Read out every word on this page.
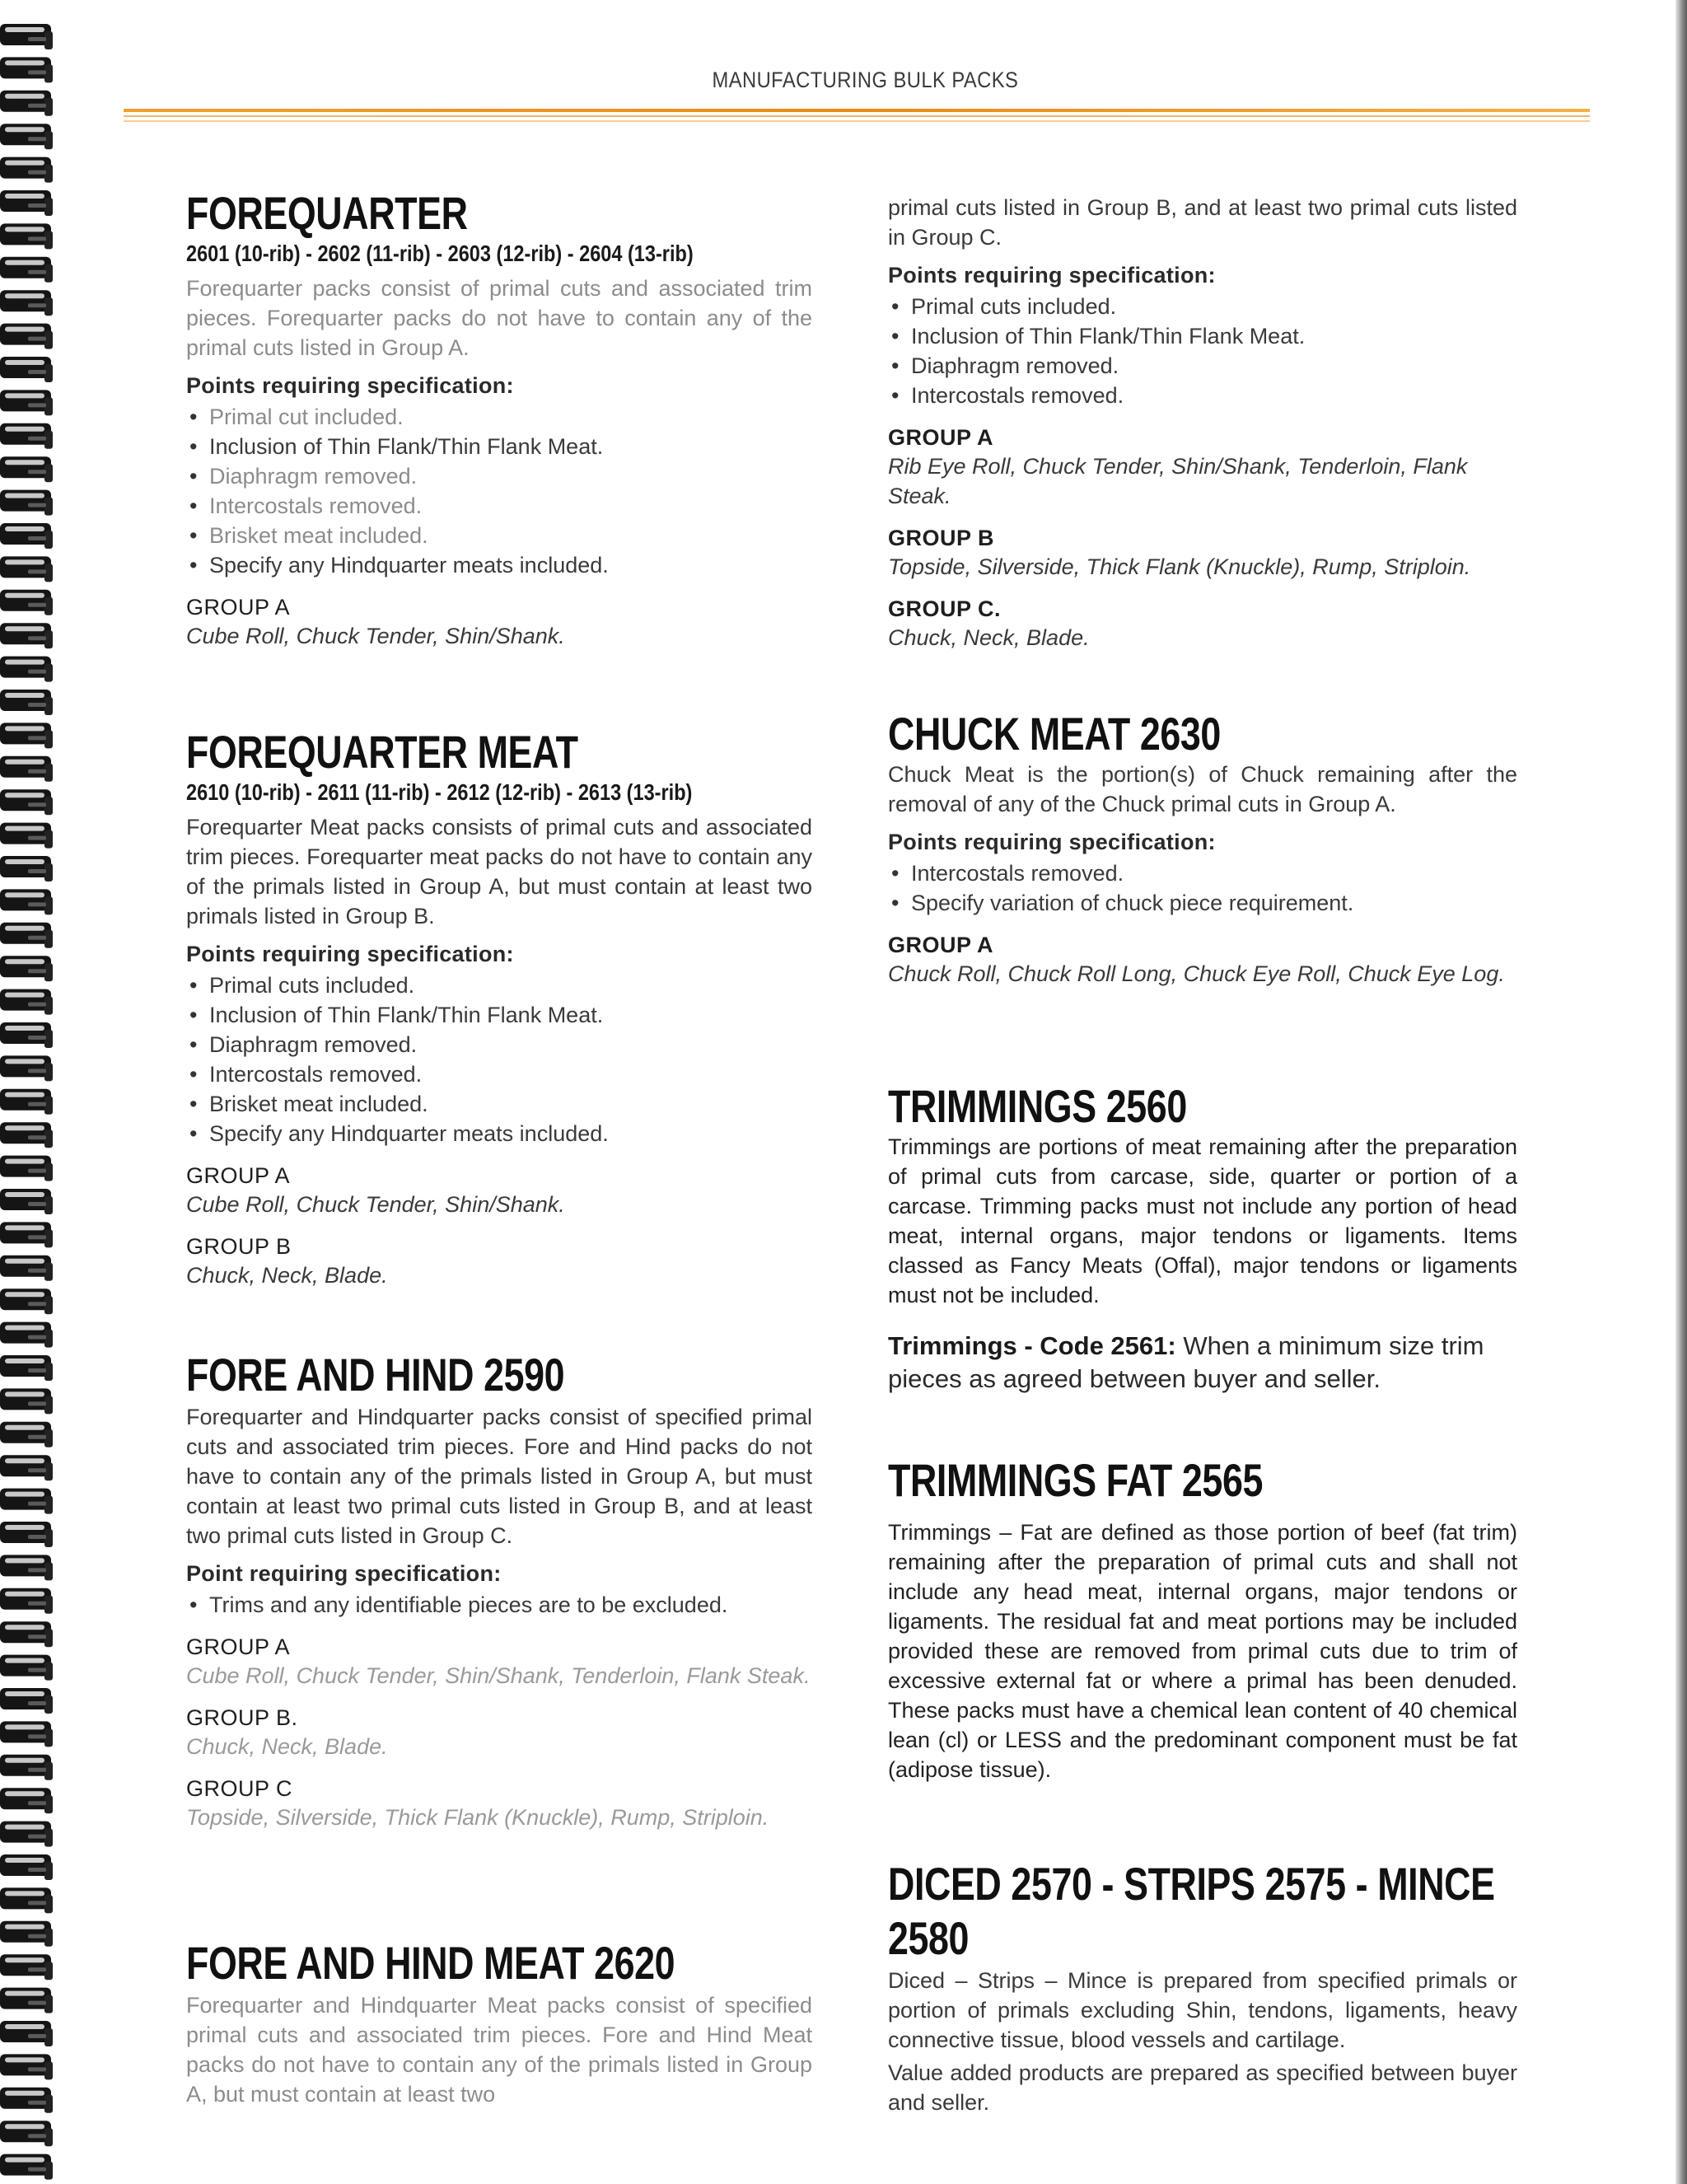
MANUFACTURING BULK PACKS
FOREQUARTER
2601 (10-rib) - 2602 (11-rib) - 2603 (12-rib) - 2604 (13-rib)
Forequarter packs consist of primal cuts and associated trim pieces. Forequarter packs do not have to contain any of the primal cuts listed in Group A.
Points requiring specification:
• Primal cut included.
• Inclusion of Thin Flank/Thin Flank Meat.
• Diaphragm removed.
• Intercostals removed.
• Brisket meat included.
• Specify any Hindquarter meats included.
GROUP A
Cube Roll, Chuck Tender, Shin/Shank.
FOREQUARTER MEAT
2610 (10-rib) - 2611 (11-rib) - 2612 (12-rib) - 2613 (13-rib)
Forequarter Meat packs consists of primal cuts and associated trim pieces. Forequarter meat packs do not have to contain any of the primals listed in Group A, but must contain at least two primals listed in Group B.
Points requiring specification:
• Primal cuts included.
• Inclusion of Thin Flank/Thin Flank Meat.
• Diaphragm removed.
• Intercostals removed.
• Brisket meat included.
• Specify any Hindquarter meats included.
GROUP A
Cube Roll, Chuck Tender, Shin/Shank.
GROUP B
Chuck, Neck, Blade.
FORE AND HIND 2590
Forequarter and Hindquarter packs consist of specified primal cuts and associated trim pieces. Fore and Hind packs do not have to contain any of the primals listed in Group A, but must contain at least two primal cuts listed in Group B, and at least two primal cuts listed in Group C.
Point requiring specification:
• Trims and any identifiable pieces are to be excluded.
GROUP A
Cube Roll, Chuck Tender, Shin/Shank, Tenderloin, Flank Steak.
GROUP B.
Chuck, Neck, Blade.
GROUP C
Topside, Silverside, Thick Flank (Knuckle), Rump, Striploin.
FORE AND HIND MEAT 2620
Forequarter and Hindquarter Meat packs consist of specified primal cuts and associated trim pieces. Fore and Hind Meat packs do not have to contain any of the primals listed in Group A, but must contain at least two
primal cuts listed in Group B, and at least two primal cuts listed in Group C.
Points requiring specification:
• Primal cuts included.
• Inclusion of Thin Flank/Thin Flank Meat.
• Diaphragm removed.
• Intercostals removed.
GROUP A
Rib Eye Roll, Chuck Tender, Shin/Shank, Tenderloin, Flank Steak.
GROUP B
Topside, Silverside, Thick Flank (Knuckle), Rump, Striploin.
GROUP C.
Chuck, Neck, Blade.
CHUCK MEAT 2630
Chuck Meat is the portion(s) of Chuck remaining after the removal of any of the Chuck primal cuts in Group A.
Points requiring specification:
• Intercostals removed.
• Specify variation of chuck piece requirement.
GROUP A
Chuck Roll, Chuck Roll Long, Chuck Eye Roll, Chuck Eye Log.
TRIMMINGS 2560
Trimmings are portions of meat remaining after the preparation of primal cuts from carcase, side, quarter or portion of a carcase. Trimming packs must not include any portion of head meat, internal organs, major tendons or ligaments. Items classed as Fancy Meats (Offal), major tendons or ligaments must not be included.
Trimmings - Code 2561: When a minimum size trim pieces as agreed between buyer and seller.
TRIMMINGS FAT 2565
Trimmings – Fat are defined as those portion of beef (fat trim) remaining after the preparation of primal cuts and shall not include any head meat, internal organs, major tendons or ligaments. The residual fat and meat portions may be included provided these are removed from primal cuts due to trim of excessive external fat or where a primal has been denuded. These packs must have a chemical lean content of 40 chemical lean (cl) or LESS and the predominant component must be fat (adipose tissue).
DICED 2570 - STRIPS 2575 - MINCE 2580
Diced – Strips – Mince is prepared from specified primals or portion of primals excluding Shin, tendons, ligaments, heavy connective tissue, blood vessels and cartilage.
Value added products are prepared as specified between buyer and seller.
